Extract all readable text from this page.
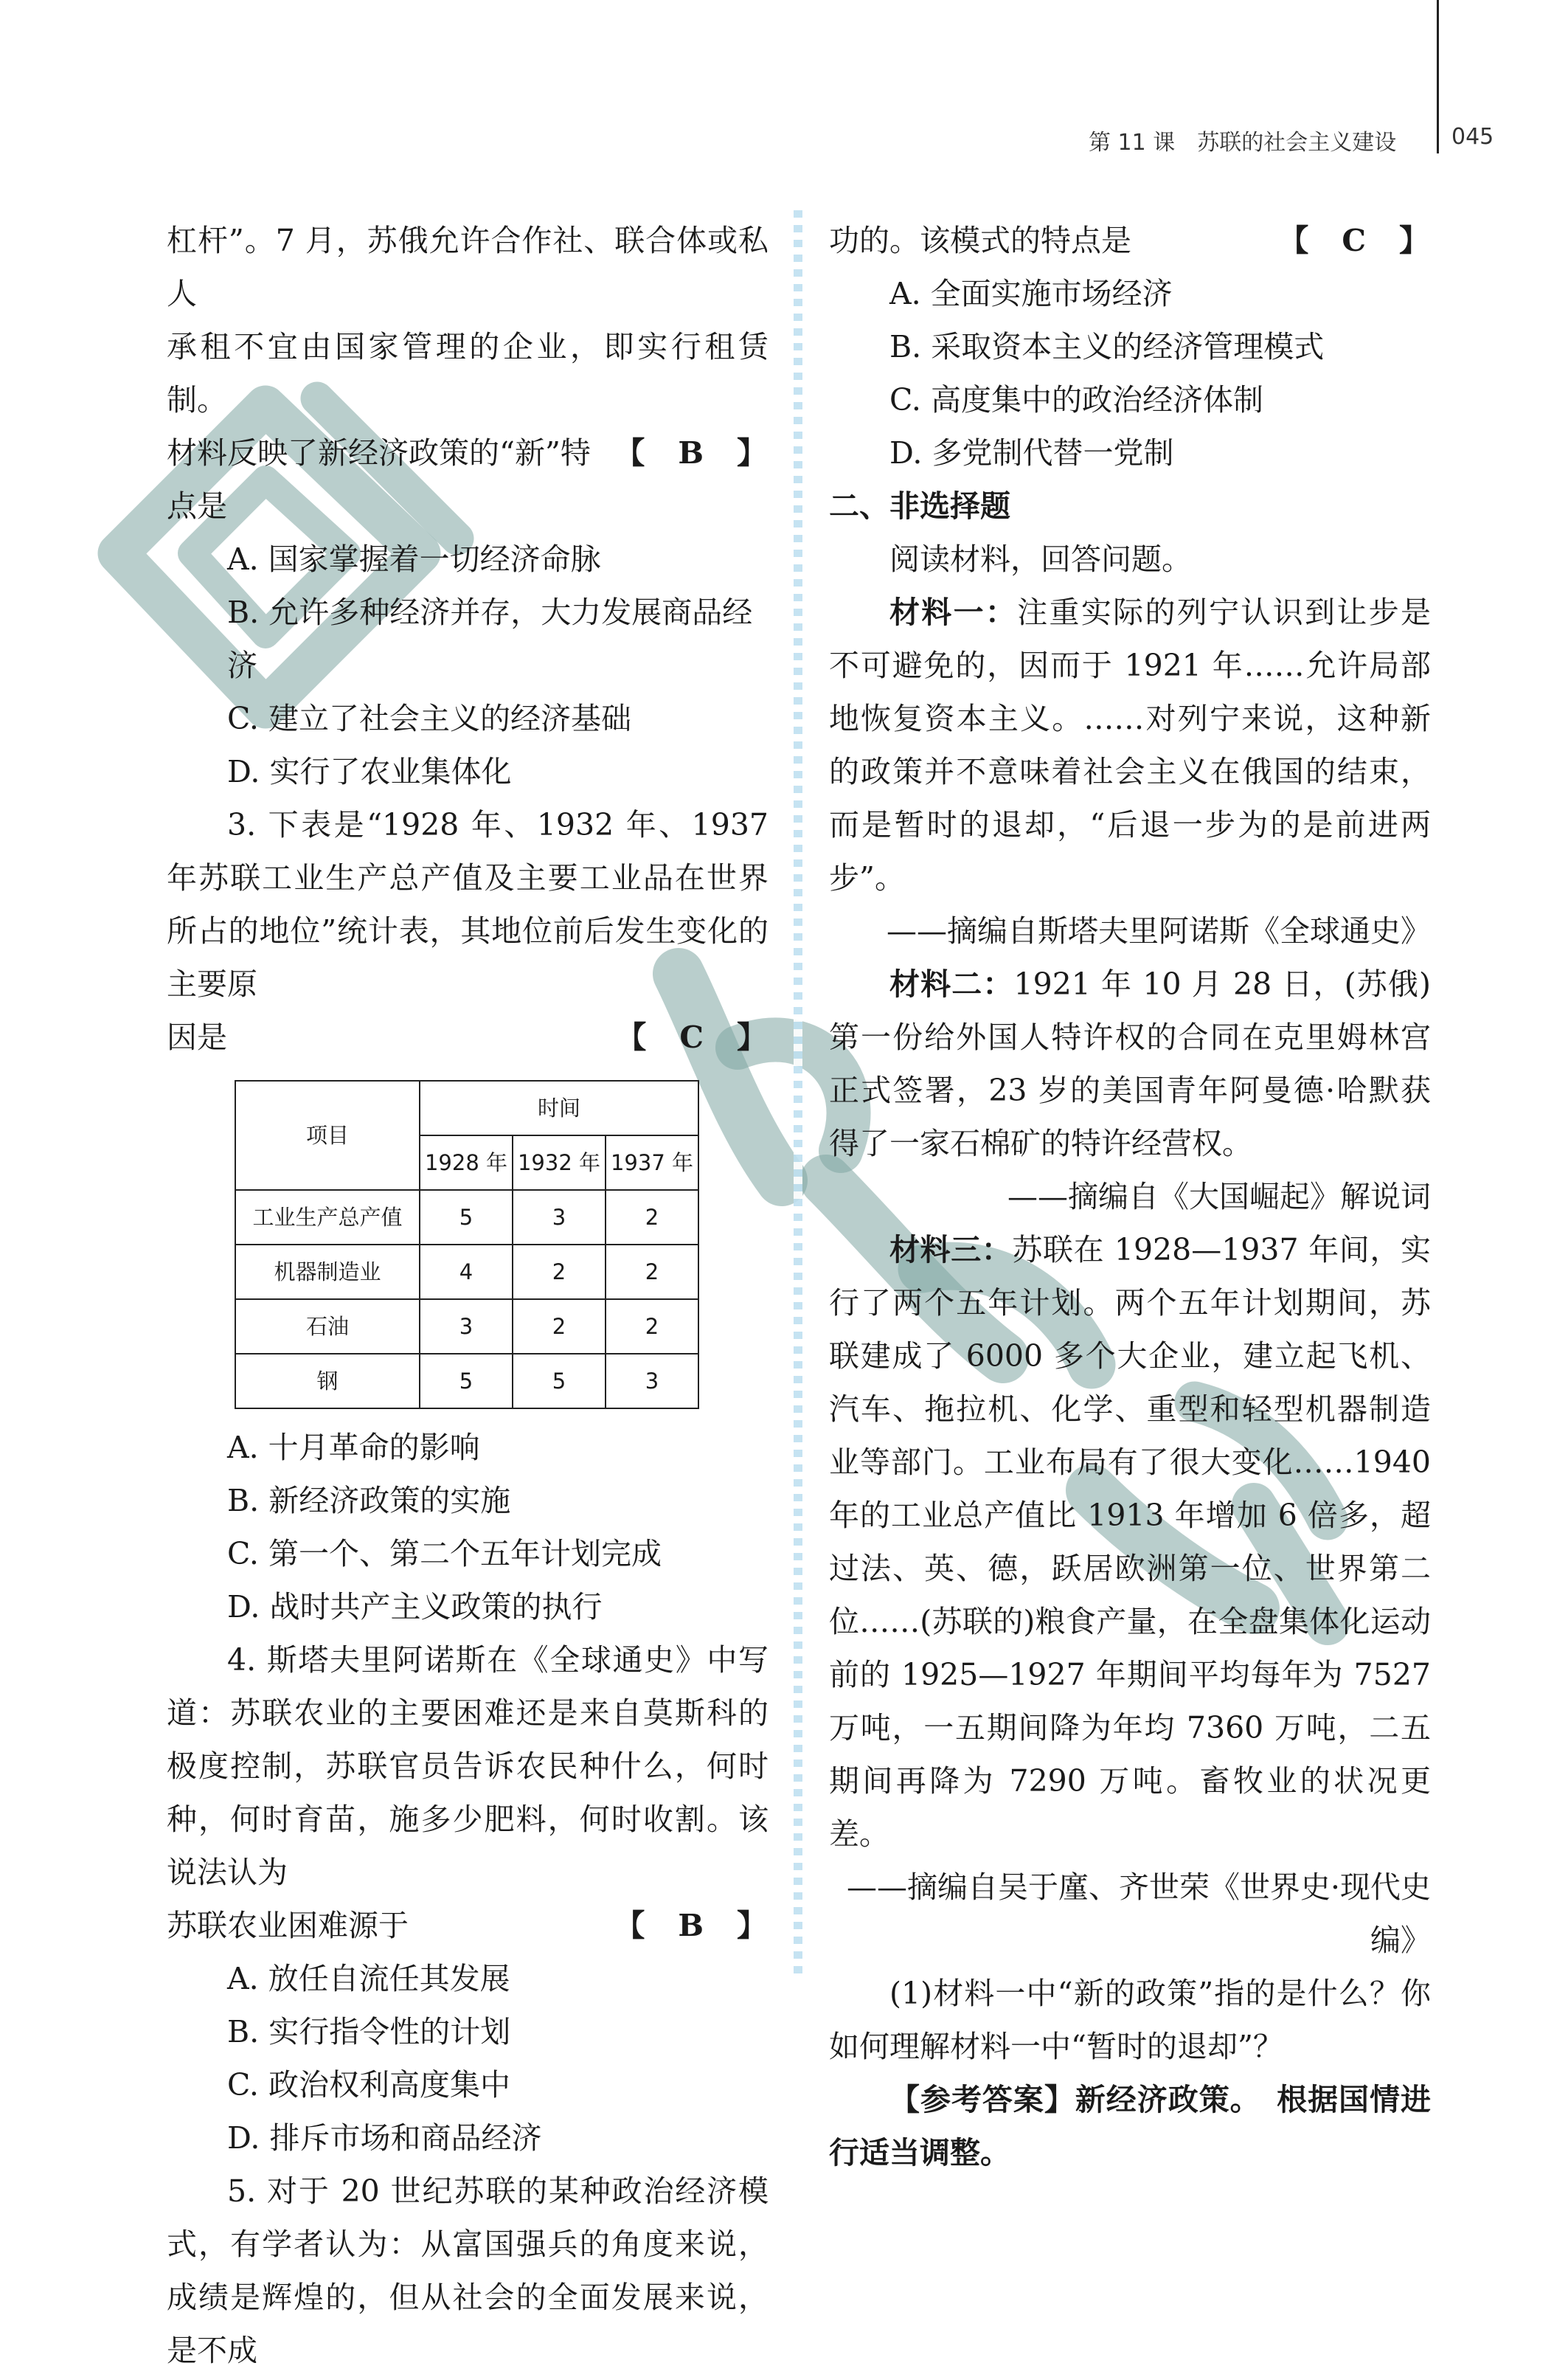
第 11 课　苏联的社会主义建设 045

杠杆”。7 月，苏俄允许合作社、联合体或私人

承租不宜由国家管理的企业，即实行租赁制。

材料反映了新经济政策的“新”特点是
【　B　】

A. 国家掌握着一切经济命脉

B. 允许多种经济并存，大力发展商品经济

C. 建立了社会主义的经济基础

D. 实行了农业集体化

3. 下表是“1928 年、1932 年、1937 年苏联工业生产总产值及主要工业品在世界所占的地位”统计表，其地位前后发生变化的主要原

因是	【　C　】
项目	时间		
	1928 年	1932 年	1937 年
工业生产总产值	5	3	2
机器制造业	4	2	2
石油	3	2	2
钢	5	5	3

A. 十月革命的影响

B. 新经济政策的实施

C. 第一个、第二个五年计划完成

D. 战时共产主义政策的执行

4. 斯塔夫里阿诺斯在《全球通史》中写道：苏联农业的主要困难还是来自莫斯科的极度控制，苏联官员告诉农民种什么，何时种，何时育苗，施多少肥料，何时收割。该说法认为

苏联农业困难源于	【　B　】

A. 放任自流任其发展

B. 实行指令性的计划

C. 政治权利高度集中

D. 排斥市场和商品经济

5. 对于 20 世纪苏联的某种政治经济模式，有学者认为：从富国强兵的角度来说，成绩是辉煌的，但从社会的全面发展来说，是不成

功的。该模式的特点是	【　C　】

A. 全面实施市场经济

B. 采取资本主义的经济管理模式

C. 高度集中的政治经济体制

D. 多党制代替一党制

二、非选择题

阅读材料，回答问题。

材料一：注重实际的列宁认识到让步是不可避免的，因而于 1921 年……允许局部地恢复资本主义。……对列宁来说，这种新的政策并不意味着社会主义在俄国的结束，而是暂时的退却，“后退一步为的是前进两步”。

——摘编自斯塔夫里阿诺斯《全球通史》

材料二：1921 年 10 月 28 日，(苏俄)第一份给外国人特许权的合同在克里姆林宫正式签署，23 岁的美国青年阿曼德·哈默获得了一家石棉矿的特许经营权。

——摘编自《大国崛起》解说词

材料三：苏联在 1928—1937 年间，实行了两个五年计划。两个五年计划期间，苏联建成了 6000 多个大企业，建立起飞机、汽车、拖拉机、化学、重型和轻型机器制造业等部门。工业布局有了很大变化……1940 年的工业总产值比 1913 年增加 6 倍多，超过法、英、德，跃居欧洲第一位、世界第二位……(苏联的)粮食产量，在全盘集体化运动前的 1925—1927 年期间平均每年为 7527 万吨，一五期间降为年均 7360 万吨，二五期间再降为 7290 万吨。畜牧业的状况更差。

——摘编自吴于廑、齐世荣《世界史·现代史编》

(1)材料一中“新的政策”指的是什么？你如何理解材料一中“暂时的退却”？

【参考答案】新经济政策。　根据国情进行适当调整。
